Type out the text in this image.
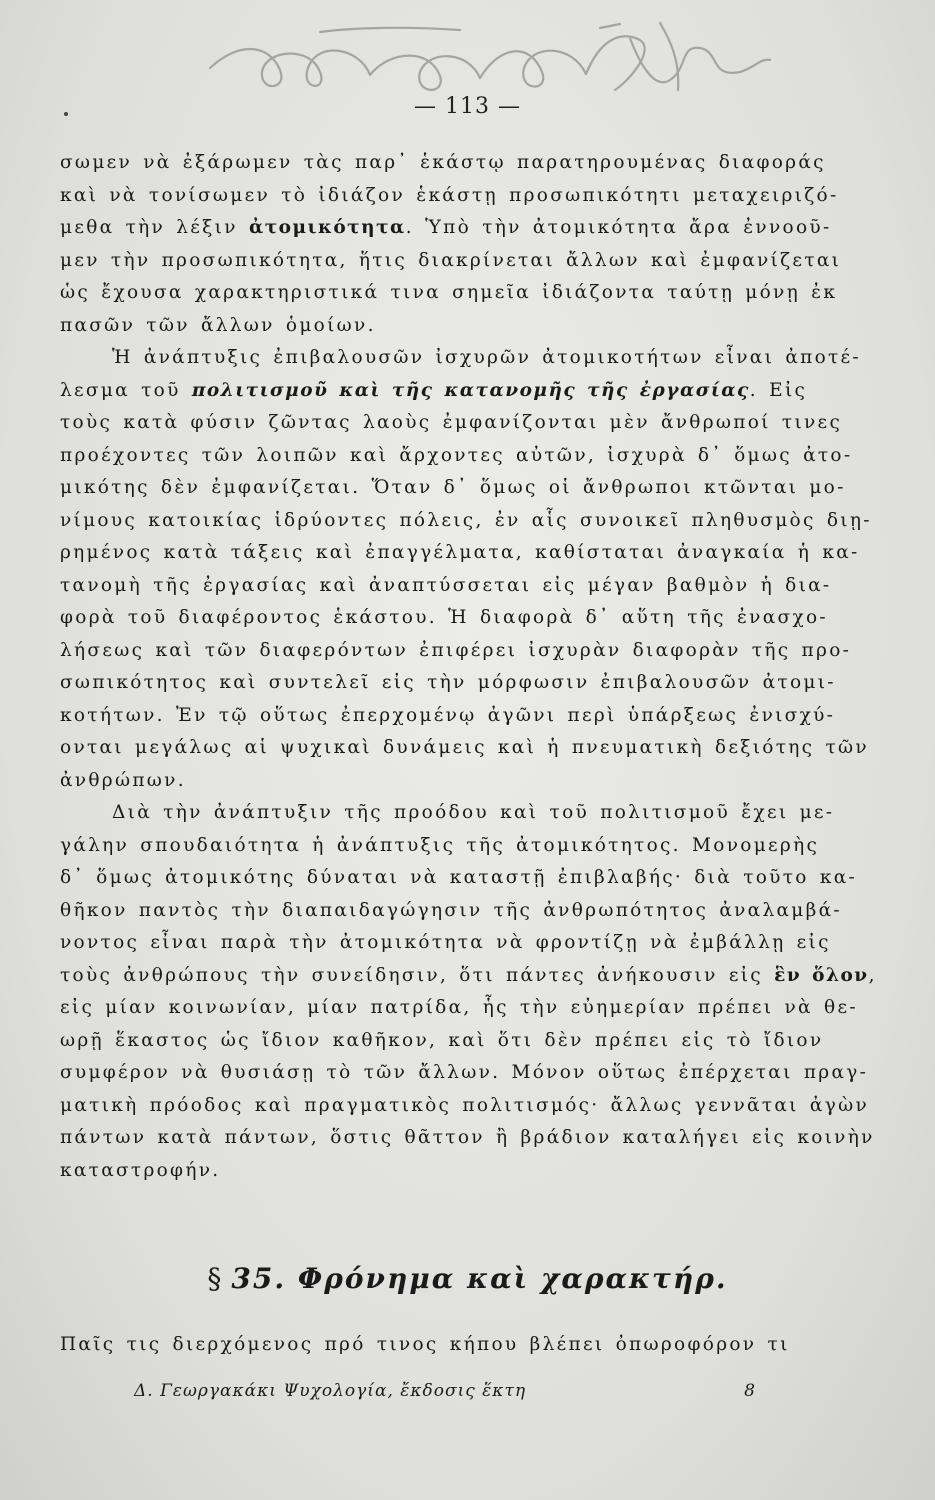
— 113 —
σωμεν νὰ ἐξάρωμεν τὰς παρ᾿ ἑκάστῳ παρατηρουμένας διαφοράς
καὶ νὰ τονίσωμεν τὸ ἰδιάζον ἑκάστῃ προσωπικότητι μεταχειριζό-
μεθα τὴν λέξιν ἀτομικότητα. Ὑπὸ τὴν ἀτομικότητα ἄρα ἐννοοῦ-
μεν τὴν προσωπικότητα, ἥτις διακρίνεται ἄλλων καὶ ἐμφανίζεται
ὡς ἔχουσα χαρακτηριστικά τινα σημεῖα ἰδιάζοντα ταύτῃ μόνῃ ἐκ
πασῶν τῶν ἄλλων ὁμοίων.
Ἡ ἀνάπτυξις ἐπιβαλουσῶν ἰσχυρῶν ἀτομικοτήτων εἶναι ἀποτέ-
λεσμα τοῦ πολιτισμοῦ καὶ τῆς κατανομῆς τῆς ἐργασίας. Εἰς
τοὺς κατὰ φύσιν ζῶντας λαοὺς ἐμφανίζονται μὲν ἄνθρωποί τινες
προέχοντες τῶν λοιπῶν καὶ ἄρχοντες αὐτῶν, ἰσχυρὰ δ᾿ ὅμως ἀτο-
μικότης δὲν ἐμφανίζεται. Ὅταν δ᾿ ὅμως οἱ ἄνθρωποι κτῶνται μο-
νίμους κατοικίας ἱδρύοντες πόλεις, ἐν αἷς συνοικεῖ πληθυσμὸς διῃ-
ρημένος κατὰ τάξεις καὶ ἐπαγγέλματα, καθίσταται ἀναγκαία ἡ κα-
τανομὴ τῆς ἐργασίας καὶ ἀναπτύσσεται εἰς μέγαν βαθμὸν ἡ δια-
φορὰ τοῦ διαφέροντος ἑκάστου. Ἡ διαφορὰ δ᾿ αὕτη τῆς ἐνασχο-
λήσεως καὶ τῶν διαφερόντων ἐπιφέρει ἰσχυρὰν διαφορὰν τῆς προ-
σωπικότητος καὶ συντελεῖ εἰς τὴν μόρφωσιν ἐπιβαλουσῶν ἀτομι-
κοτήτων. Ἐν τῷ οὕτως ἐπερχομένῳ ἀγῶνι περὶ ὑπάρξεως ἐνισχύ-
ονται μεγάλως αἱ ψυχικαὶ δυνάμεις καὶ ἡ πνευματικὴ δεξιότης τῶν
ἀνθρώπων.
Διὰ τὴν ἀνάπτυξιν τῆς προόδου καὶ τοῦ πολιτισμοῦ ἔχει με-
γάλην σπουδαιότητα ἡ ἀνάπτυξις τῆς ἀτομικότητος. Μονομερὴς
δ᾿ ὅμως ἀτομικότης δύναται νὰ καταστῇ ἐπιβλαβής· διὰ τοῦτο κα-
θῆκον παντὸς τὴν διαπαιδαγώγησιν τῆς ἀνθρωπότητος ἀναλαμβά-
νοντος εἶναι παρὰ τὴν ἀτομικότητα νὰ φροντίζῃ νὰ ἐμβάλλῃ εἰς
τοὺς ἀνθρώπους τὴν συνείδησιν, ὅτι πάντες ἀνήκουσιν εἰς ἓν ὅλον,
εἰς μίαν κοινωνίαν, μίαν πατρίδα, ἧς τὴν εὐημερίαν πρέπει νὰ θε-
ωρῇ ἕκαστος ὡς ἴδιον καθῆκον, καὶ ὅτι δὲν πρέπει εἰς τὸ ἴδιον
συμφέρον νὰ θυσιάσῃ τὸ τῶν ἄλλων. Μόνον οὕτως ἐπέρχεται πραγ-
ματικὴ πρόοδος καὶ πραγματικὸς πολιτισμός· ἄλλως γεννᾶται ἀγὼν
πάντων κατὰ πάντων, ὅστις θᾶττον ἢ βράδιον καταλήγει εἰς κοινὴν
καταστροφήν.
§ 35. Φρόνημα καὶ χαρακτήρ.
Παῖς τις διερχόμενος πρό τινος κήπου βλέπει ὀπωροφόρον τι
Δ. Γεωργακάκι Ψυχολογία, ἔκδοσις ἕκτη	8
